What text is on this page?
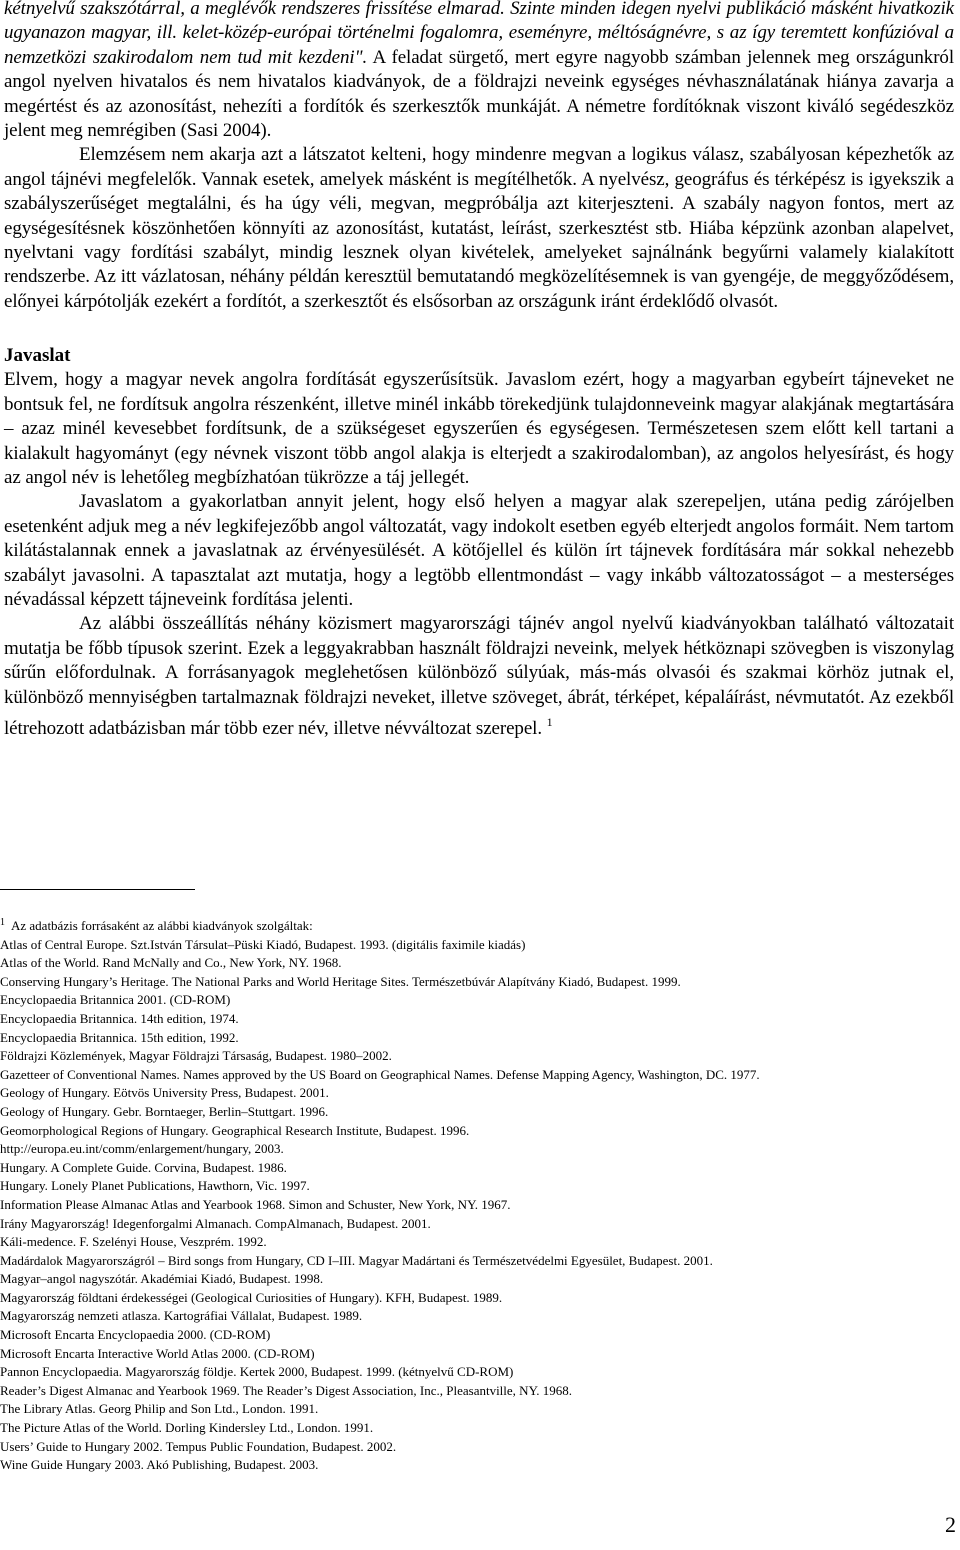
kétnyelvű szakszótárral, a meglévők rendszeres frissítése elmarad. Szinte minden idegen nyelvi publikáció másként hivatkozik ugyanazon magyar, ill. kelet-közép-európai történelmi fogalomra, eseményre, méltóságnévre, s az így teremtett konfúzióval a nemzetközi szakirodalom nem tud mit kezdeni". A feladat sürgető, mert egyre nagyobb számban jelennek meg országunkról angol nyelven hivatalos és nem hivatalos kiadványok, de a földrajzi neveink egységes névhasználatának hiánya zavarja a megértést és az azonosítást, nehezíti a fordítók és szerkesztők munkáját. A németre fordítóknak viszont kiváló segédeszköz jelent meg nemrégiben (Sasi 2004).

Elemzésem nem akarja azt a látszatot kelteni, hogy mindenre megvan a logikus válasz, szabályosan képezhetők az angol tájnévi megfelelők. Vannak esetek, amelyek másként is megítélhetők. A nyelvész, geográfus és térképész is igyekszik a szabályszerűséget megtalálni, és ha úgy véli, megvan, megpróbálja azt kiterjeszteni. A szabály nagyon fontos, mert az egységesítésnek köszönhetően könnyíti az azonosítást, kutatást, leírást, szerkesztést stb. Hiába képzünk azonban alapelvet, nyelvtani vagy fordítási szabályt, mindig lesznek olyan kivételek, amelyeket sajnálnánk begyűrni valamely kialakított rendszerbe. Az itt vázlatosan, néhány példán keresztül bemutatandó megközelítésemnek is van gyengéje, de meggyőződésem, előnyei kárpótolják ezekért a fordítót, a szerkesztőt és elsősorban az országunk iránt érdeklődő olvasót.

Javaslat

Elvem, hogy a magyar nevek angolra fordítását egyszerűsítsük. Javaslom ezért, hogy a magyarban egybeírt tájneveket ne bontsuk fel, ne fordítsuk angolra részenként, illetve minél inkább törekedjünk tulajdonneveink magyar alakjának megtartására – azaz minél kevesebbet fordítsunk, de a szükségeset egyszerűen és egységesen. Természetesen szem előtt kell tartani a kialakult hagyományt (egy névnek viszont több angol alakja is elterjedt a szakirodalomban), az angolos helyesírást, és hogy az angol név is lehetőleg megbízhatóan tükrözze a táj jellegét.

Javaslatom a gyakorlatban annyit jelent, hogy első helyen a magyar alak szerepeljen, utána pedig zárójelben esetenként adjuk meg a név legkifejezőbb angol változatát, vagy indokolt esetben egyéb elterjedt angolos formáit. Nem tartom kilátástalannak ennek a javaslatnak az érvényesülését. A kötőjellel és külön írt tájnevek fordítására már sokkal nehezebb szabályt javasolni. A tapasztalat azt mutatja, hogy a legtöbb ellentmondást – vagy inkább változatosságot – a mesterséges névadással képzett tájneveink fordítása jelenti.

Az alábbi összeállítás néhány közismert magyarországi tájnév angol nyelvű kiadványokban található változatait mutatja be főbb típusok szerint. Ezek a leggyakrabban használt földrajzi neveink, melyek hétköznapi szövegben is viszonylag sűrűn előfordulnak. A forrásanyagok meglehetősen különböző súlyúak, más-más olvasói és szakmai körhöz jutnak el, különböző mennyiségben tartalmaznak földrajzi neveket, illetve szöveget, ábrát, térképet, képaláírást, névmutatót. Az ezekből létrehozott adatbázisban már több ezer név, illetve névváltozat szerepel. $^1$

$^1$ Az adatbázis forrásaként az alábbi kiadványok szolgáltak:

Atlas of Central Europe. Szt.István Társulat–Püski Kiadó, Budapest. 1993. (digitális faximile kiadás)

Atlas of the World. Rand McNally and Co., New York, NY. 1968.

Conserving Hungary’s Heritage. The National Parks and World Heritage Sites. Természetbúvár Alapítvány Kiadó, Budapest. 1999.

Encyclopaedia Britannica 2001. (CD-ROM)

Encyclopaedia Britannica. 14th edition, 1974.

Encyclopaedia Britannica. 15th edition, 1992.

Földrajzi Közlemények, Magyar Földrajzi Társaság, Budapest. 1980–2002.

Gazetteer of Conventional Names. Names approved by the US Board on Geographical Names. Defense Mapping Agency, Washington, DC. 1977.

Geology of Hungary. Eötvös University Press, Budapest. 2001.

Geology of Hungary. Gebr. Borntaeger, Berlin–Stuttgart. 1996.

Geomorphological Regions of Hungary. Geographical Research Institute, Budapest. 1996.

http://europa.eu.int/comm/enlargement/hungary, 2003.

Hungary. A Complete Guide. Corvina, Budapest. 1986.

Hungary. Lonely Planet Publications, Hawthorn, Vic. 1997.

Information Please Almanac Atlas and Yearbook 1968. Simon and Schuster, New York, NY. 1967.

Irány Magyarország! Idegenforgalmi Almanach. CompAlmanach, Budapest. 2001.

Káli-medence. F. Szelényi House, Veszprém. 1992.

Madárdalok Magyarországról – Bird songs from Hungary, CD I–III. Magyar Madártani és Természetvédelmi Egyesület, Budapest. 2001.

Magyar–angol nagyszótár. Akadémiai Kiadó, Budapest. 1998.

Magyarország földtani érdekességei (Geological Curiosities of Hungary). KFH, Budapest. 1989.

Magyarország nemzeti atlasza. Kartográfiai Vállalat, Budapest. 1989.

Microsoft Encarta Encyclopaedia 2000. (CD-ROM)

Microsoft Encarta Interactive World Atlas 2000. (CD-ROM)

Pannon Encyclopaedia. Magyarország földje. Kertek 2000, Budapest. 1999. (kétnyelvű CD-ROM)

Reader’s Digest Almanac and Yearbook 1969. The Reader’s Digest Association, Inc., Pleasantville, NY. 1968.

The Library Atlas. Georg Philip and Son Ltd., London. 1991.

The Picture Atlas of the World. Dorling Kindersley Ltd., London. 1991.

Users’ Guide to Hungary 2002. Tempus Public Foundation, Budapest. 2002.

Wine Guide Hungary 2003. Akó Publishing, Budapest. 2003.

2
